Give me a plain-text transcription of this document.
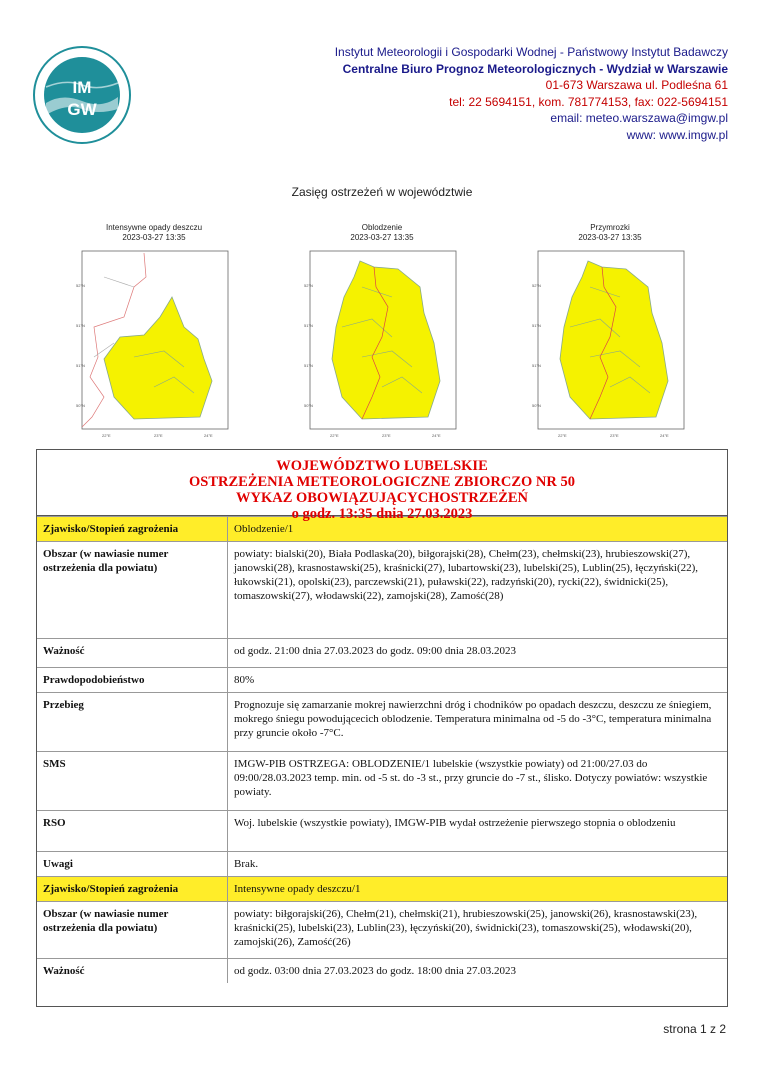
IM
GW
Instytut Meteorologii i Gospodarki Wodnej - Państwowy Instytut Badawczy
Centralne Biuro Prognoz Meteorologicznych - Wydział w Warszawie
01-673 Warszawa ul. Podleśna 61
tel: 22 5694151, kom. 781774153, fax: 022-5694151
email: meteo.warszawa@imgw.pl
www: www.imgw.pl
Zasięg ostrzeżeń w województwie
Intensywne opady deszczu
2023-03-27 13:35
52°N
51°N
51°N
50°N
22°E	23°E	24°E
Oblodzenie
2023-03-27 13:35
52°N
51°N
51°N
50°N
22°E	23°E	24°E
Przymrozki
2023-03-27 13:35
52°N
51°N
51°N
50°N
22°E	23°E	24°E
WOJEWÓDZTWO LUBELSKIE
OSTRZEŻENIA METEOROLOGICZNE ZBIORCZO NR 50
WYKAZ OBOWIĄZUJĄCYCHOSTRZEŻEŃ
o godz. 13:35 dnia 27.03.2023
Zjawisko/Stopień zagrożenia	Oblodzenie/1
Obszar (w nawiasie numer ostrzeżenia dla powiatu)	powiaty: bialski(20), Biała Podlaska(20), biłgorajski(28), Chełm(23), chełmski(23), hrubieszowski(27), janowski(28), krasnostawski(25), kraśnicki(27), lubartowski(23), lubelski(25), Lublin(25), łęczyński(22), łukowski(21), opolski(23), parczewski(21), puławski(22), radzyński(20), rycki(22), świdnicki(25), tomaszowski(27), włodawski(22), zamojski(28), Zamość(28)
Ważność	od godz. 21:00 dnia 27.03.2023 do godz. 09:00 dnia 28.03.2023
Prawdopodobieństwo	80%
Przebieg	Prognozuje się zamarzanie mokrej nawierzchni dróg i chodników po opadach deszczu, deszczu ze śniegiem, mokrego śniegu powodującecich oblodzenie. Temperatura minimalna od -5 do -3°C, temperatura minimalna przy gruncie około -7°C.
SMS	IMGW-PIB OSTRZEGA: OBLODZENIE/1 lubelskie (wszystkie powiaty) od 21:00/27.03 do 09:00/28.03.2023 temp. min. od -5 st. do -3 st., przy gruncie do -7 st., ślisko. Dotyczy powiatów: wszystkie powiaty.
RSO	Woj. lubelskie (wszystkie powiaty), IMGW-PIB wydał ostrzeżenie pierwszego stopnia o oblodzeniu
Uwagi	Brak.
Zjawisko/Stopień zagrożenia	Intensywne opady deszczu/1
Obszar (w nawiasie numer ostrzeżenia dla powiatu)	powiaty: biłgorajski(26), Chełm(21), chełmski(21), hrubieszowski(25), janowski(26), krasnostawski(23), kraśnicki(25), lubelski(23), Lublin(23), łęczyński(20), świdnicki(23), tomaszowski(25), włodawski(20), zamojski(26), Zamość(26)
Ważność	od godz. 03:00 dnia 27.03.2023 do godz. 18:00 dnia 27.03.2023
strona 1 z 2
